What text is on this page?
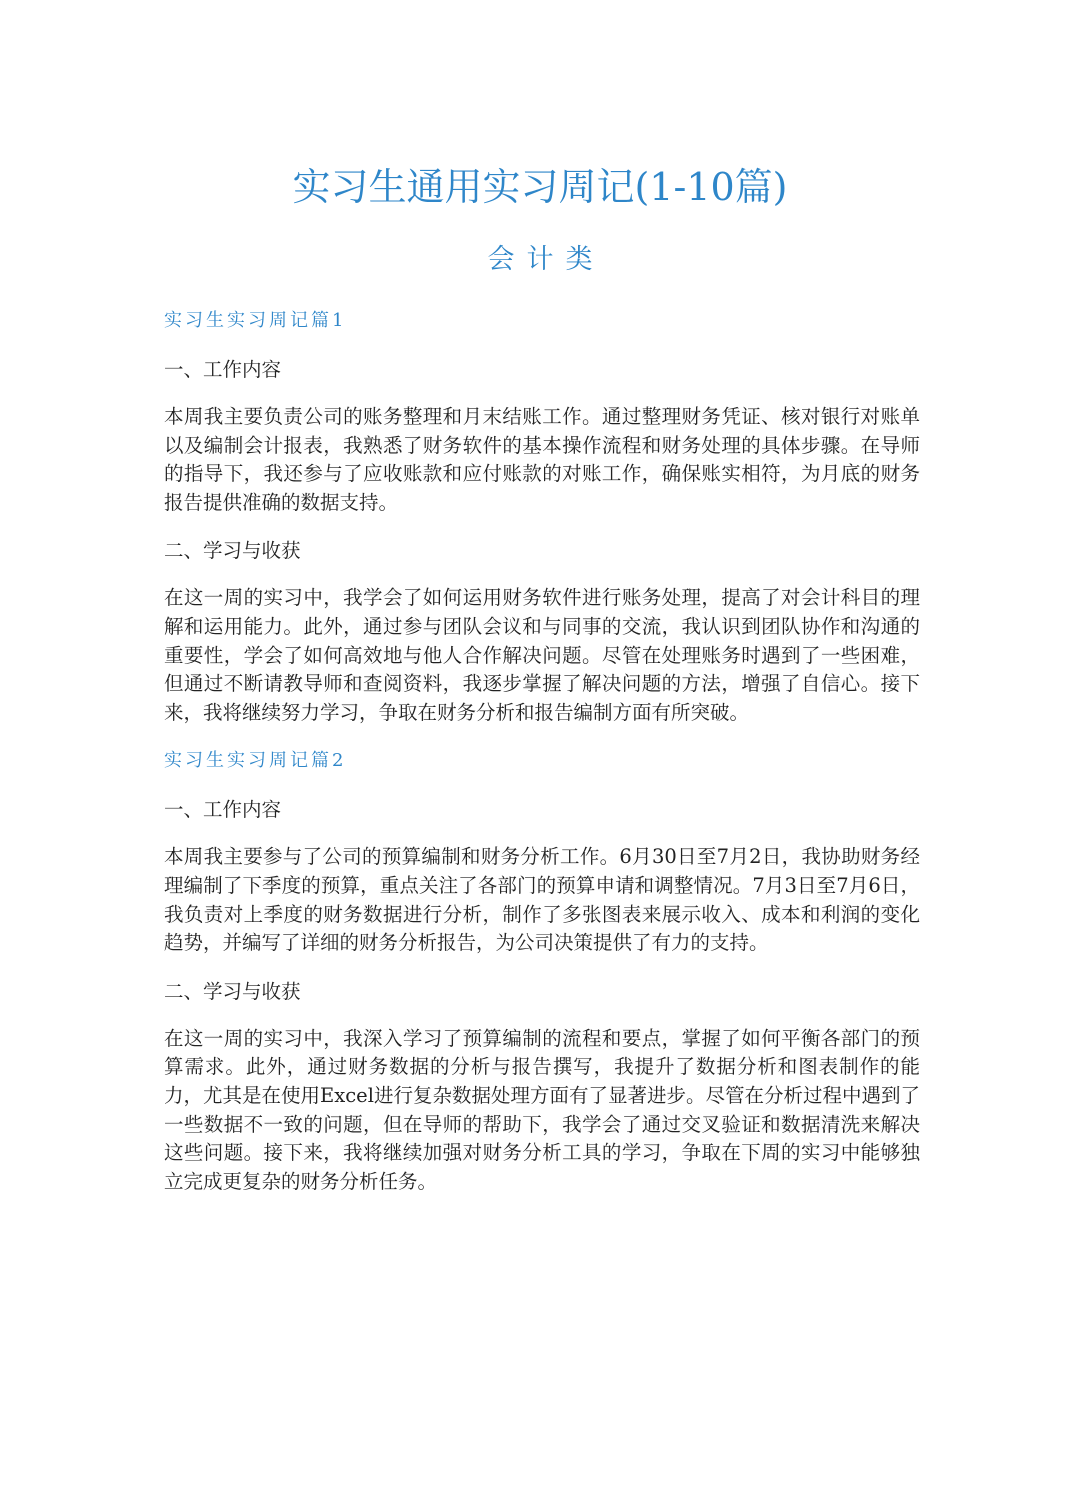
实习生通用实习周记(1-10篇)
会计类
实习生实习周记篇1
一、工作内容

本周我主要负责公司的账务整理和月末结账工作。通过整理财务凭证、核对银行对账单以及编制会计报表，我熟悉了财务软件的基本操作流程和财务处理的具体步骤。在导师的指导下，我还参与了应收账款和应付账款的对账工作，确保账实相符，为月底的财务报告提供准确的数据支持。

二、学习与收获

在这一周的实习中，我学会了如何运用财务软件进行账务处理，提高了对会计科目的理解和运用能力。此外，通过参与团队会议和与同事的交流，我认识到团队协作和沟通的重要性，学会了如何高效地与他人合作解决问题。尽管在处理账务时遇到了一些困难，但通过不断请教导师和查阅资料，我逐步掌握了解决问题的方法，增强了自信心。接下来，我将继续努力学习，争取在财务分析和报告编制方面有所突破。

实习生实习周记篇2
一、工作内容

本周我主要参与了公司的预算编制和财务分析工作。6月30日至7月2日，我协助财务经理编制了下季度的预算，重点关注了各部门的预算申请和调整情况。7月3日至7月6日，我负责对上季度的财务数据进行分析，制作了多张图表来展示收入、成本和利润的变化趋势，并编写了详细的财务分析报告，为公司决策提供了有力的支持。

二、学习与收获

在这一周的实习中，我深入学习了预算编制的流程和要点，掌握了如何平衡各部门的预算需求。此外，通过财务数据的分析与报告撰写，我提升了数据分析和图表制作的能力，尤其是在使用Excel进行复杂数据处理方面有了显著进步。尽管在分析过程中遇到了一些数据不一致的问题，但在导师的帮助下，我学会了通过交叉验证和数据清洗来解决这些问题。接下来，我将继续加强对财务分析工具的学习，争取在下周的实习中能够独立完成更复杂的财务分析任务。
